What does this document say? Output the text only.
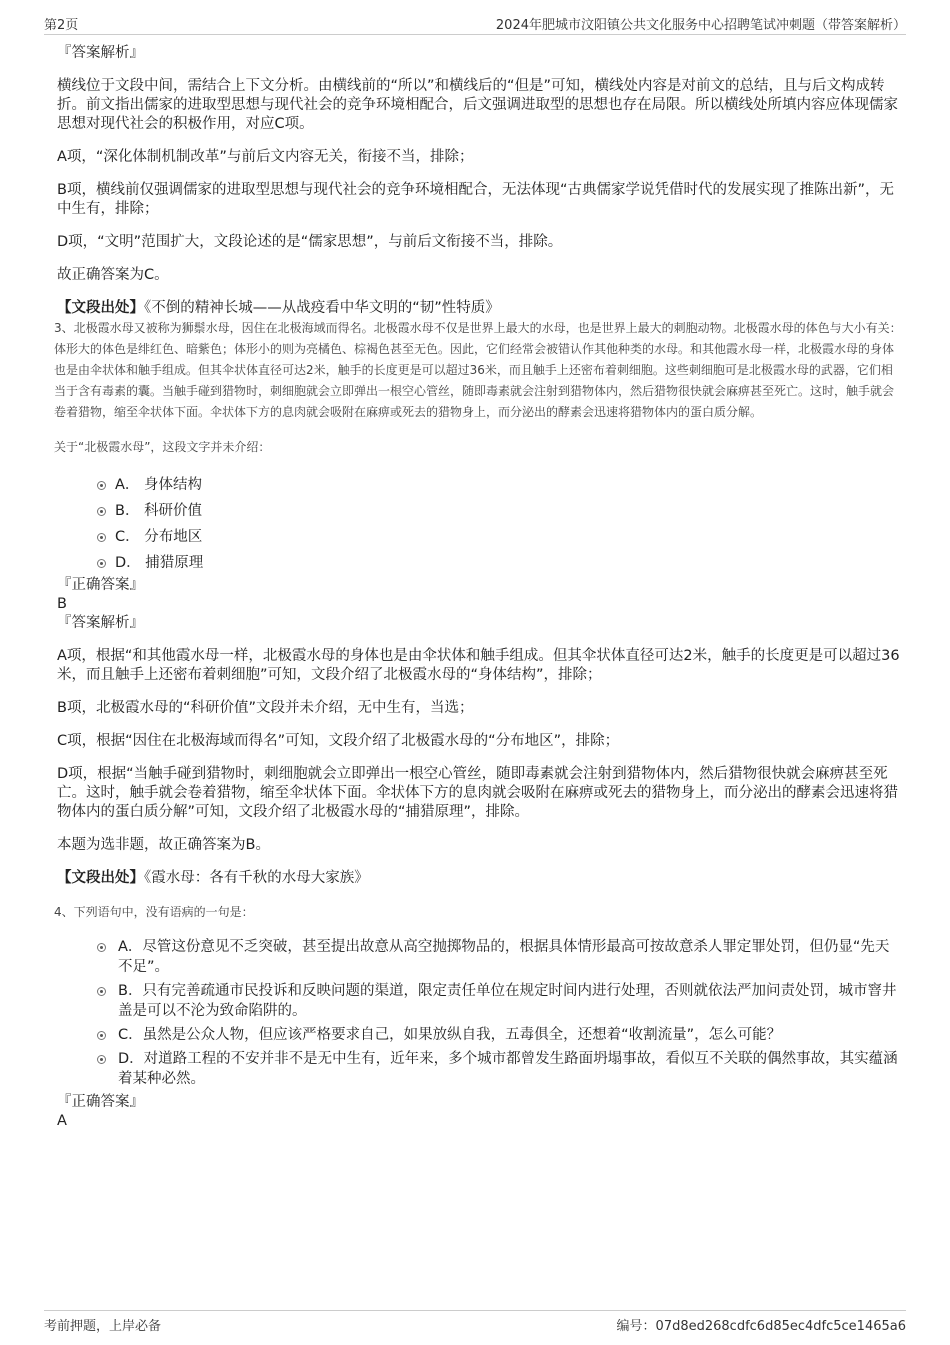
第2页	2024年肥城市汶阳镇公共文化服务中心招聘笔试冲刺题（带答案解析）

『答案解析』

横线位于文段中间，需结合上下文分析。由横线前的“所以”和横线后的“但是”可知，横线处内容是对前文的总结，且与后文构成转折。前文指出儒家的进取型思想与现代社会的竞争环境相配合，后文强调进取型的思想也存在局限。所以横线处所填内容应体现儒家思想对现代社会的积极作用，对应C项。

A项，“深化体制机制改革”与前后文内容无关，衔接不当，排除；

B项，横线前仅强调儒家的进取型思想与现代社会的竞争环境相配合，无法体现“古典儒家学说凭借时代的发展实现了推陈出新”，无中生有，排除；

D项，“文明”范围扩大，文段论述的是“儒家思想”，与前后文衔接不当，排除。

故正确答案为C。

【文段出处】《不倒的精神长城——从战疫看中华文明的“韧”性特质》

3、北极霞水母又被称为狮鬃水母，因住在北极海域而得名。北极霞水母不仅是世界上最大的水母，也是世界上最大的刺胞动物。北极霞水母的体色与大小有关：体形大的体色是绯红色、暗紫色；体形小的则为亮橘色、棕褐色甚至无色。因此，它们经常会被错认作其他种类的水母。和其他霞水母一样，北极霞水母的身体也是由伞状体和触手组成。但其伞状体直径可达2米，触手的长度更是可以超过36米，而且触手上还密布着刺细胞。这些刺细胞可是北极霞水母的武器，它们相当于含有毒素的囊。当触手碰到猎物时，刺细胞就会立即弹出一根空心管丝，随即毒素就会注射到猎物体内，然后猎物很快就会麻痹甚至死亡。这时，触手就会卷着猎物，缩至伞状体下面。伞状体下方的息肉就会吸附在麻痹或死去的猎物身上，而分泌出的酵素会迅速将猎物体内的蛋白质分解。

关于“北极霞水母”，这段文字并未介绍：

A． 身体结构
B． 科研价值
C． 分布地区
D． 捕猎原理

『正确答案』

B

『答案解析』

A项，根据“和其他霞水母一样，北极霞水母的身体也是由伞状体和触手组成。但其伞状体直径可达2米，触手的长度更是可以超过36米，而且触手上还密布着刺细胞”可知，文段介绍了北极霞水母的“身体结构”，排除；

B项，北极霞水母的“科研价值”文段并未介绍，无中生有，当选；

C项，根据“因住在北极海域而得名”可知，文段介绍了北极霞水母的“分布地区”，排除；

D项，根据“当触手碰到猎物时，刺细胞就会立即弹出一根空心管丝，随即毒素就会注射到猎物体内，然后猎物很快就会麻痹甚至死亡。这时，触手就会卷着猎物，缩至伞状体下面。伞状体下方的息肉就会吸附在麻痹或死去的猎物身上，而分泌出的酵素会迅速将猎物体内的蛋白质分解”可知，文段介绍了北极霞水母的“捕猎原理”，排除。

本题为选非题，故正确答案为B。

【文段出处】《霞水母：各有千秋的水母大家族》

4、下列语句中，没有语病的一句是：

A．尽管这份意见不乏突破，甚至提出故意从高空抛掷物品的，根据具体情形最高可按故意杀人罪定罪处罚，但仍显“先天不足”。
B．只有完善疏通市民投诉和反映问题的渠道，限定责任单位在规定时间内进行处理，否则就依法严加问责处罚，城市窨井盖是可以不沦为致命陷阱的。
C．虽然是公众人物，但应该严格要求自己，如果放纵自我，五毒俱全，还想着“收割流量”，怎么可能？
D．对道路工程的不安并非不是无中生有，近年来，多个城市都曾发生路面坍塌事故，看似互不关联的偶然事故，其实蕴涵着某种必然。

『正确答案』

A

考前押题，上岸必备	编号：07d8ed268cdfc6d85ec4dfc5ce1465a6
